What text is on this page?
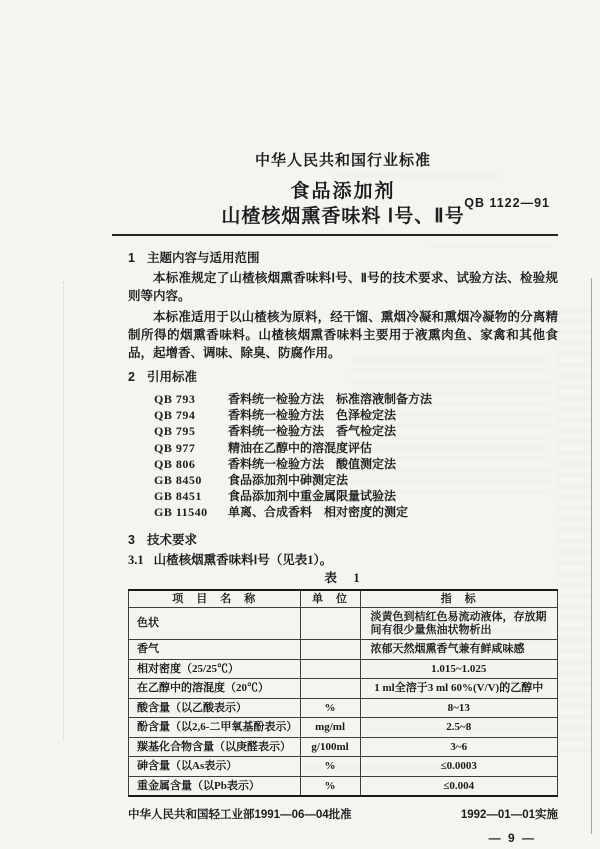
中华人民共和国行业标准
食品添加剂
山楂核烟熏香味料 Ⅰ号、Ⅱ号
QB 1122—91

1 主题内容与适用范围

本标准规定了山楂核烟熏香味料Ⅰ号、Ⅱ号的技术要求、试验方法、检验规则等内容。

本标准适用于以山楂核为原料，经干馏、熏烟冷凝和熏烟冷凝物的分离精制所得的烟熏香味料。山楂核烟熏香味料主要用于液熏肉鱼、家禽和其他食品，起增香、调味、除臭、防腐作用。

2 引用标准

QB 793	香料统一检验方法　标准溶液制备方法
QB 794	香料统一检验方法　色泽检定法
QB 795	香料统一检验方法　香气检定法
QB 977	精油在乙醇中的溶混度评估
QB 806	香料统一检验方法　酸值测定法
GB 8450 食品添加剂中砷测定法
GB 8451 食品添加剂中重金属限量试验法
GB 11540 单离、合成香料　相对密度的测定

3 技术要求

3.1 山楂核烟熏香味料Ⅰ号（见表1）。

表　1
项　目　名　称	单　位	指　标
色状		淡黄色到桔红色易流动液体，存放期间有很少量焦油状物析出
香气		浓郁天然烟熏香气兼有鲜咸味感
相对密度（25/25℃）		1.015~1.025
在乙醇中的溶混度（20℃）		1 ml全溶于3 ml 60%(V/V)的乙醇中
酸含量（以乙酸表示）	%	8~13
酚含量（以2,6-二甲氧基酚表示）	mg/ml	2.5~8
羰基化合物含量（以庚醛表示）	g/100ml	3~6
砷含量（以As表示）	%	≤0.0003
重金属含量（以Pb表示）	%	≤0.004
中华人民共和国轻工业部1991—06—04批准	1992—01—01实施
— 9 —
